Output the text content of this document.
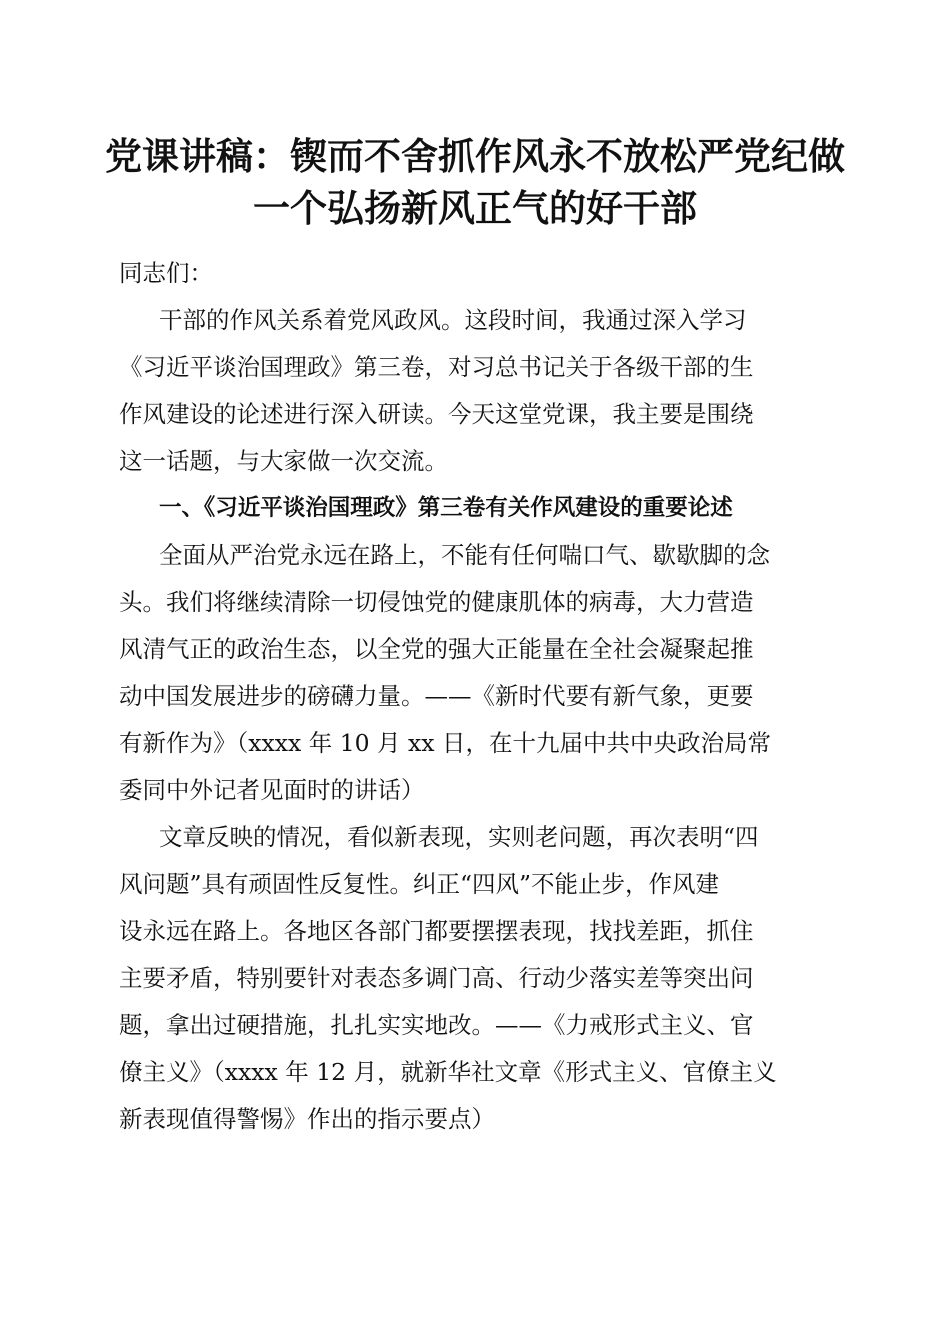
党课讲稿：锲而不舍抓作风永不放松严党纪做
一个弘扬新风正气的好干部
同志们：
干部的作风关系着党风政风。这段时间，我通过深入学习
《习近平谈治国理政》第三卷，对习总书记关于各级干部的生
作风建设的论述进行深入研读。今天这堂党课，我主要是围绕
这一话题，与大家做一次交流。
一、《习近平谈治国理政》第三卷有关作风建设的重要论述
全面从严治党永远在路上，不能有任何喘口气、歇歇脚的念
头。我们将继续清除一切侵蚀党的健康肌体的病毒，大力营造
风清气正的政治生态，以全党的强大正能量在全社会凝聚起推
动中国发展进步的磅礴力量。——《新时代要有新气象，更要
有新作为》（xxxx 年 10 月 xx 日，在十九届中共中央政治局常
委同中外记者见面时的讲话）
文章反映的情况，看似新表现，实则老问题，再次表明“四
风问题”具有顽固性反复性。纠正“四风”不能止步，作风建
设永远在路上。各地区各部门都要摆摆表现，找找差距，抓住
主要矛盾，特别要针对表态多调门高、行动少落实差等突出问
题，拿出过硬措施，扎扎实实地改。——《力戒形式主义、官
僚主义》（xxxx 年 12 月，就新华社文章《形式主义、官僚主义
新表现值得警惕》作出的指示要点）
